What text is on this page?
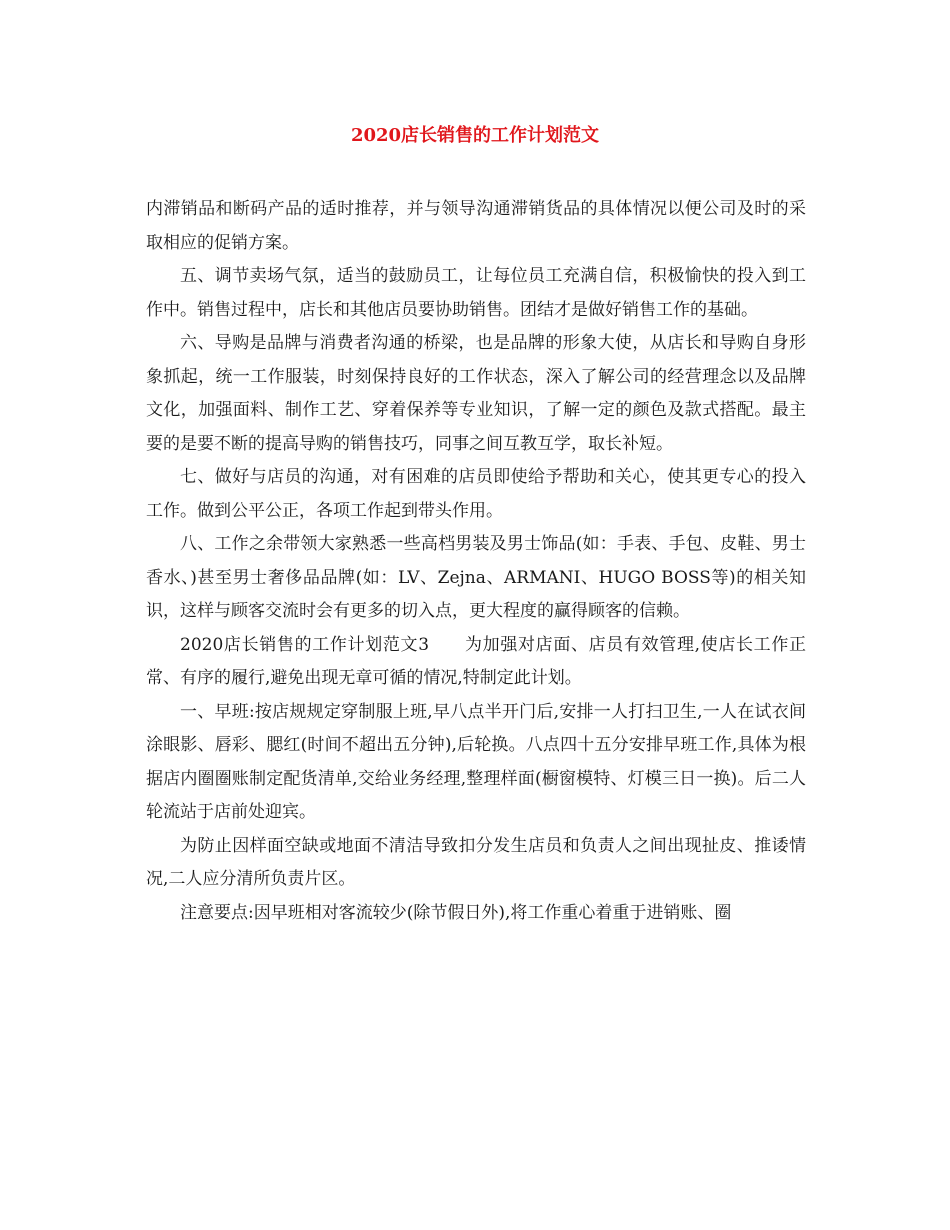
2020店长销售的工作计划范文

内滞销品和断码产品的适时推荐，并与领导沟通滞销货品的具体情况以便公司及时的采取相应的促销方案。

五、调节卖场气氛，适当的鼓励员工，让每位员工充满自信，积极愉快的投入到工作中。销售过程中，店长和其他店员要协助销售。团结才是做好销售工作的基础。

六、导购是品牌与消费者沟通的桥梁，也是品牌的形象大使，从店长和导购自身形象抓起，统一工作服装，时刻保持良好的工作状态，深入了解公司的经营理念以及品牌文化，加强面料、制作工艺、穿着保养等专业知识，了解一定的颜色及款式搭配。最主要的是要不断的提高导购的销售技巧，同事之间互教互学，取长补短。

七、做好与店员的沟通，对有困难的店员即使给予帮助和关心，使其更专心的投入工作。做到公平公正，各项工作起到带头作用。

八、工作之余带领大家熟悉一些高档男装及男士饰品(如：手表、手包、皮鞋、男士香水、)甚至男士奢侈品品牌(如：LV、Zejna、ARMANI、HUGO BOSS等)的相关知识，这样与顾客交流时会有更多的切入点，更大程度的赢得顾客的信赖。

2020店长销售的工作计划范文3　　为加强对店面、店员有效管理,使店长工作正常、有序的履行,避免出现无章可循的情况,特制定此计划。

一、早班:按店规规定穿制服上班,早八点半开门后,安排一人打扫卫生,一人在试衣间涂眼影、唇彩、腮红(时间不超出五分钟),后轮换。八点四十五分安排早班工作,具体为根据店内圈圈账制定配货清单,交给业务经理,整理样面(橱窗模特、灯模三日一换)。后二人轮流站于店前处迎宾。

为防止因样面空缺或地面不清洁导致扣分发生店员和负责人之间出现扯皮、推诿情况,二人应分清所负责片区。

注意要点:因早班相对客流较少(除节假日外),将工作重心着重于进销账、圈
